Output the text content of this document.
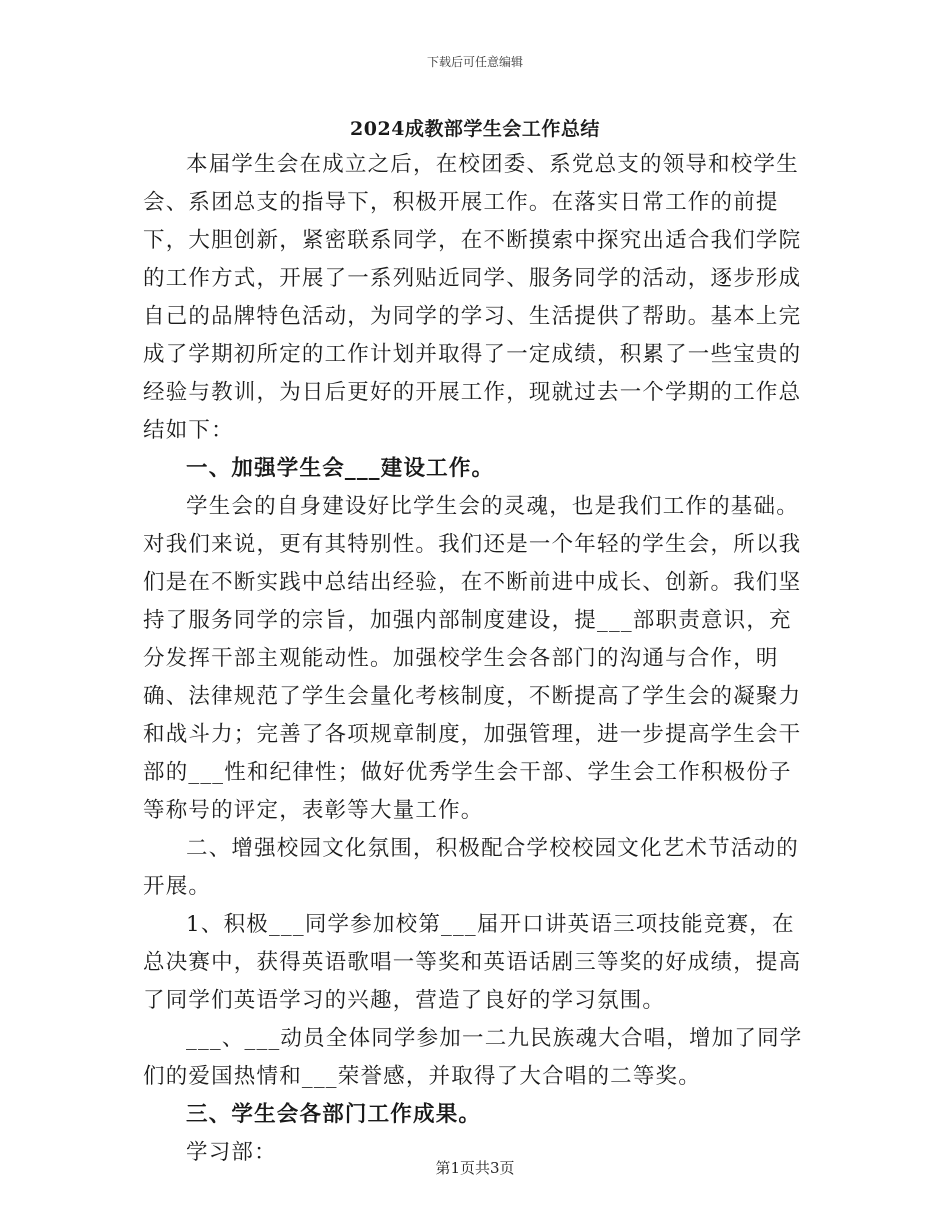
下载后可任意编辑
2024成教部学生会工作总结

本届学生会在成立之后，在校团委、系党总支的领导和校学生会、系团总支的指导下，积极开展工作。在落实日常工作的前提下，大胆创新，紧密联系同学，在不断摸索中探究出适合我们学院的工作方式，开展了一系列贴近同学、服务同学的活动，逐步形成自己的品牌特色活动，为同学的学习、生活提供了帮助。基本上完成了学期初所定的工作计划并取得了一定成绩，积累了一些宝贵的经验与教训，为日后更好的开展工作，现就过去一个学期的工作总结如下：

一、加强学生会___建设工作。

学生会的自身建设好比学生会的灵魂，也是我们工作的基础。对我们来说，更有其特别性。我们还是一个年轻的学生会，所以我们是在不断实践中总结出经验，在不断前进中成长、创新。我们坚持了服务同学的宗旨，加强内部制度建设，提___部职责意识，充分发挥干部主观能动性。加强校学生会各部门的沟通与合作，明确、法律规范了学生会量化考核制度，不断提高了学生会的凝聚力和战斗力；完善了各项规章制度，加强管理，进一步提高学生会干部的___性和纪律性；做好优秀学生会干部、学生会工作积极份子等称号的评定，表彰等大量工作。

二、增强校园文化氛围，积极配合学校校园文化艺术节活动的开展。

1、积极___同学参加校第___届开口讲英语三项技能竞赛，在总决赛中，获得英语歌唱一等奖和英语话剧三等奖的好成绩，提高了同学们英语学习的兴趣，营造了良好的学习氛围。

___、___动员全体同学参加一二九民族魂大合唱，增加了同学们的爱国热情和___荣誉感，并取得了大合唱的二等奖。

三、学生会各部门工作成果。

学习部：

第1页共3页
